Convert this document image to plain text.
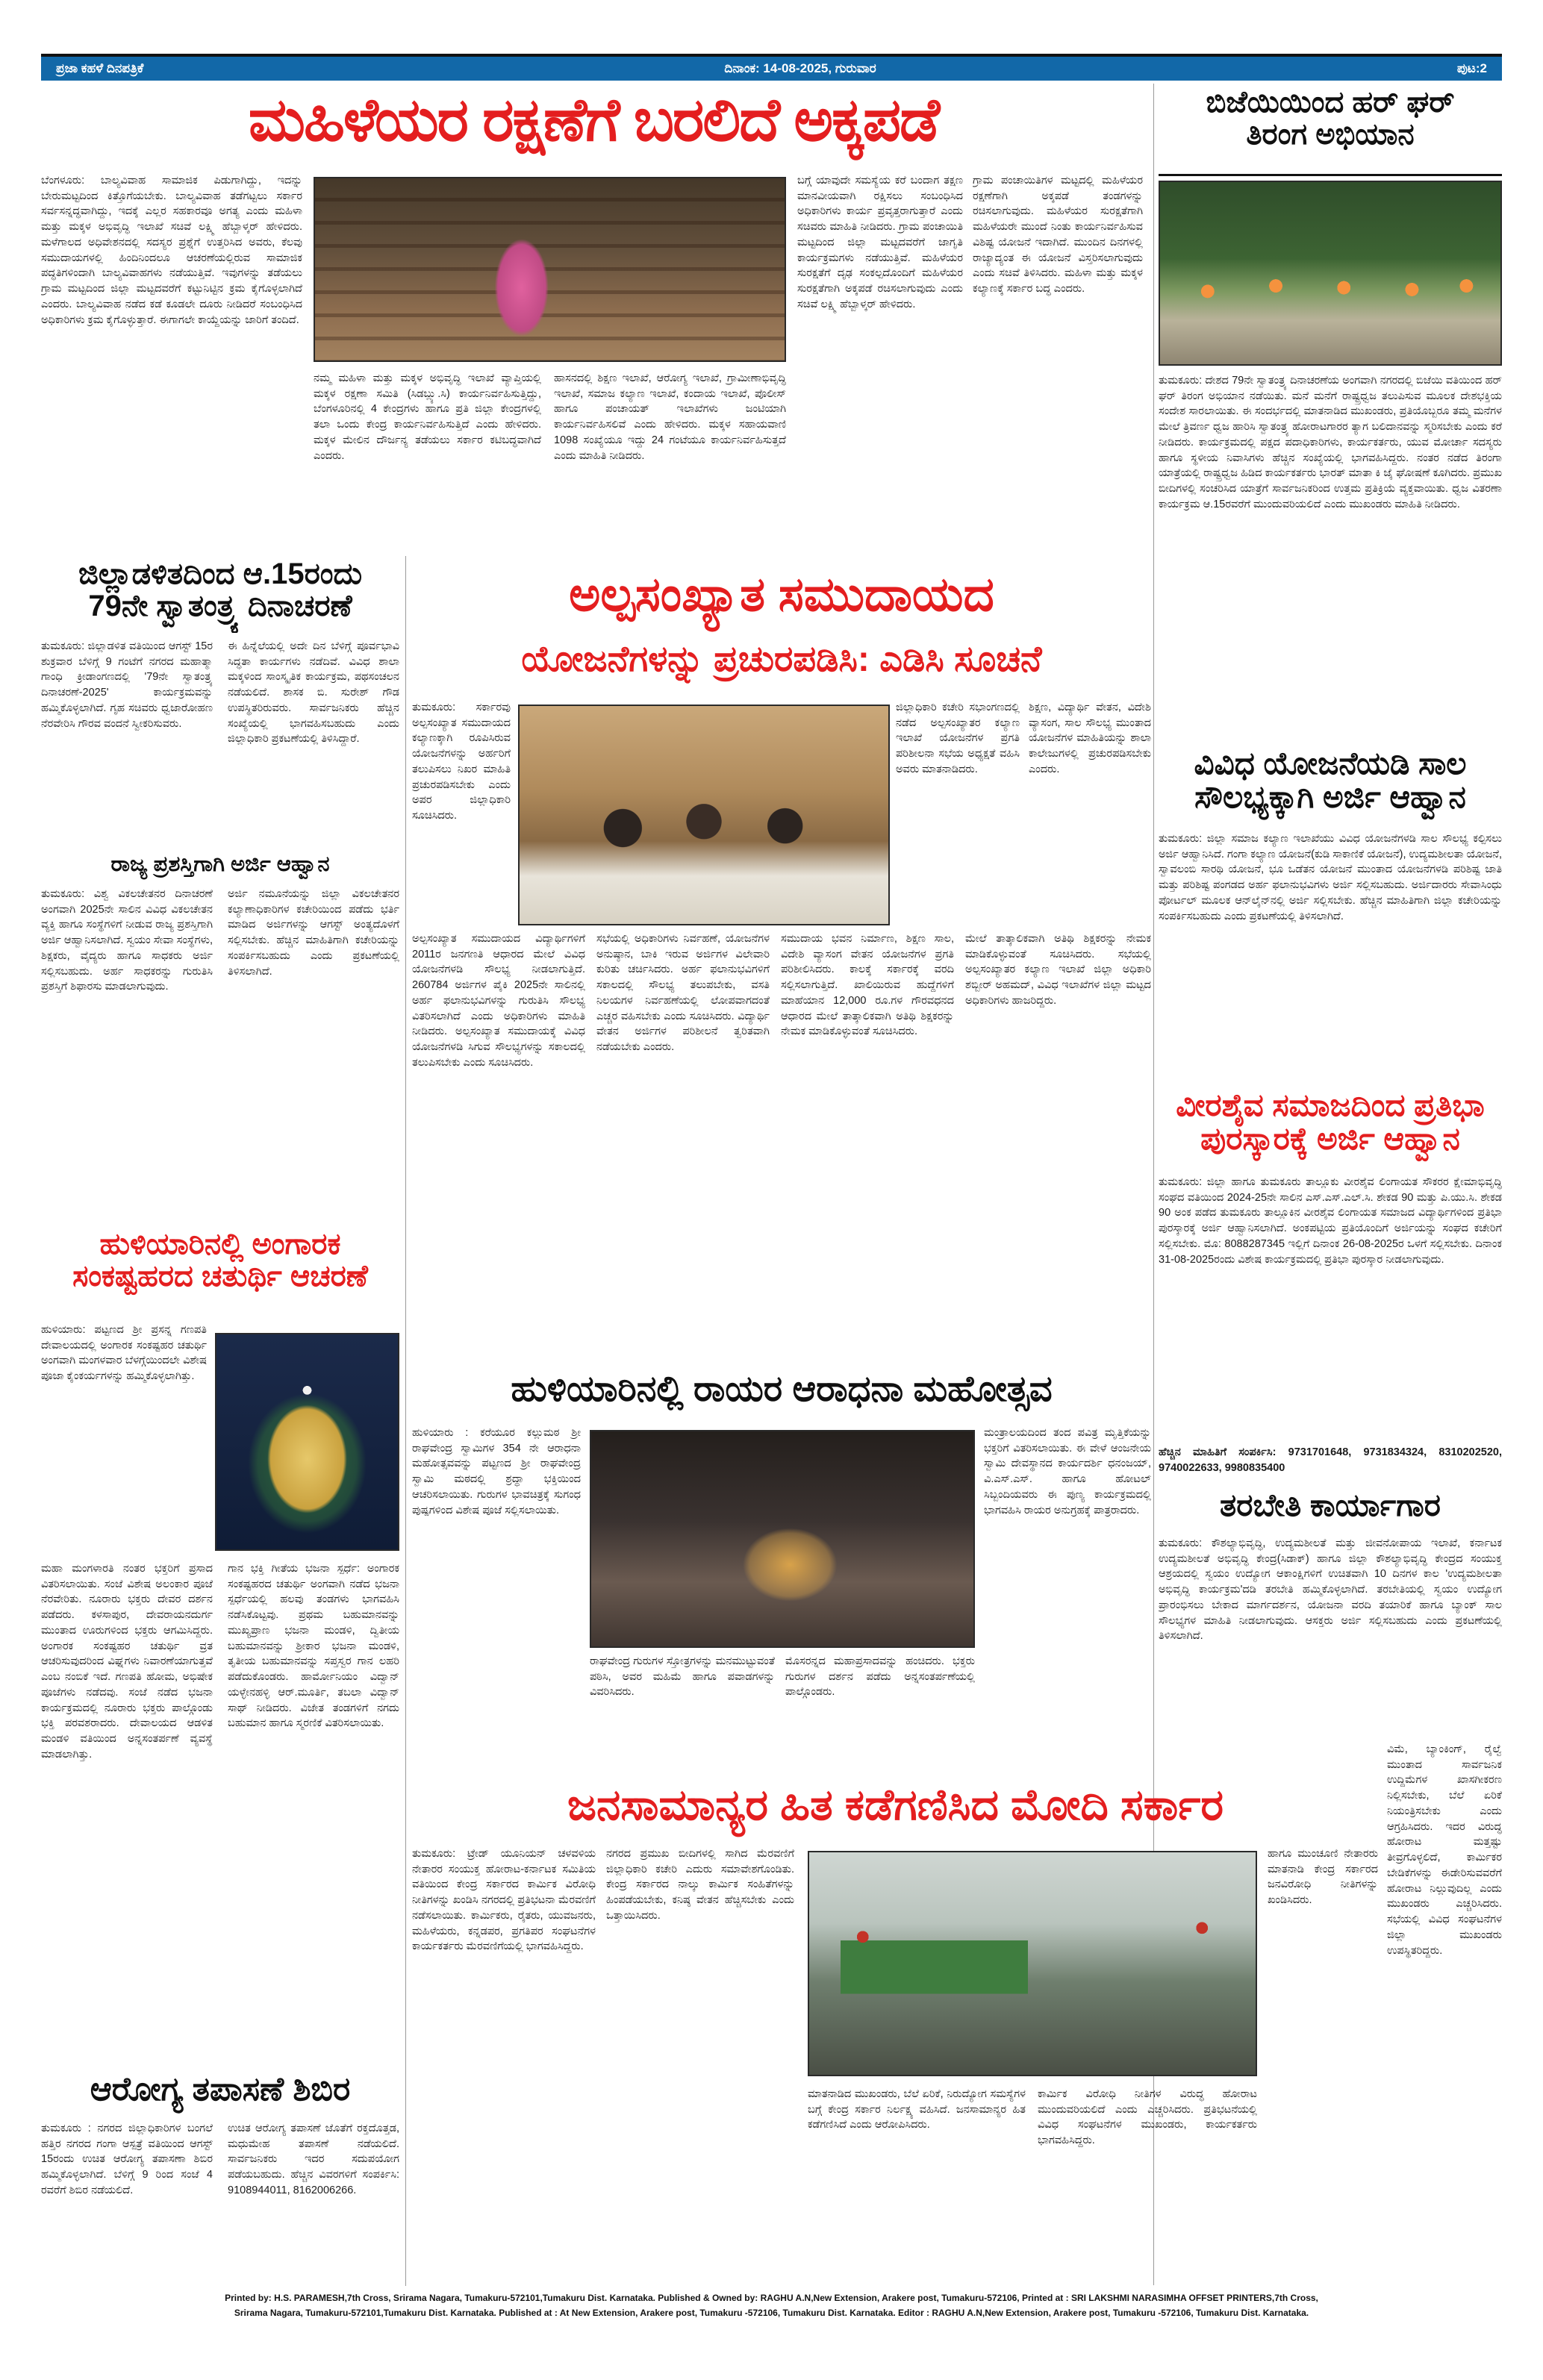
ಪ್ರಜಾ ಕಹಳೆ ದಿನಪತ್ರಿಕೆ	ದಿನಾಂಕ: 14-08-2025, ಗುರುವಾರ	ಪುಟ:2
ಮಹಿಳೆಯರ ರಕ್ಷಣೆಗೆ ಬರಲಿದೆ ಅಕ್ಕಪಡೆ
ಬೆಂಗಳೂರು: ಬಾಲ್ಯವಿವಾಹ ಸಾಮಾಜಿಕ ಪಿಡುಗಾಗಿದ್ದು, ಇದನ್ನು ಬೇರುಮಟ್ಟದಿಂದ ಕಿತ್ತೊಗೆಯಬೇಕು. ಬಾಲ್ಯವಿವಾಹ ತಡೆಗಟ್ಟಲು ಸರ್ಕಾರ ಸರ್ವಸನ್ನದ್ಧವಾಗಿದ್ದು, ಇದಕ್ಕೆ ಎಲ್ಲರ ಸಹಕಾರವೂ ಅಗತ್ಯ ಎಂದು ಮಹಿಳಾ ಮತ್ತು ಮಕ್ಕಳ ಅಭಿವೃದ್ಧಿ ಇಲಾಖೆ ಸಚಿವೆ ಲಕ್ಷ್ಮಿ ಹೆಬ್ಬಾಳ್ಕರ್ ಹೇಳಿದರು. ಮಳೆಗಾಲದ ಅಧಿವೇಶನದಲ್ಲಿ ಸದಸ್ಯರ ಪ್ರಶ್ನೆಗೆ ಉತ್ತರಿಸಿದ ಅವರು, ಕೆಲವು ಸಮುದಾಯಗಳಲ್ಲಿ ಹಿಂದಿನಿಂದಲೂ ಆಚರಣೆಯಲ್ಲಿರುವ ಸಾಮಾಜಿಕ ಪದ್ಧತಿಗಳಿಂದಾಗಿ ಬಾಲ್ಯವಿವಾಹಗಳು ನಡೆಯುತ್ತಿವೆ. ಇವುಗಳನ್ನು ತಡೆಯಲು ಗ್ರಾಮ ಮಟ್ಟದಿಂದ ಜಿಲ್ಲಾ ಮಟ್ಟದವರೆಗೆ ಕಟ್ಟುನಿಟ್ಟಿನ ಕ್ರಮ ಕೈಗೊಳ್ಳಲಾಗಿದೆ ಎಂದರು. ಬಾಲ್ಯವಿವಾಹ ನಡೆದ ಕಡೆ ಕೂಡಲೇ ದೂರು ನೀಡಿದರೆ ಸಂಬಂಧಿಸಿದ ಅಧಿಕಾರಿಗಳು ಕ್ರಮ ಕೈಗೊಳ್ಳುತ್ತಾರೆ. ಈಗಾಗಲೇ ಕಾಯ್ದೆಯನ್ನು ಜಾರಿಗೆ ತಂದಿದೆ.
ಬಗ್ಗೆ ಯಾವುದೇ ಸಮಸ್ಯೆಯ ಕರೆ ಬಂದಾಗ ತಕ್ಷಣ ಮಾನವೀಯವಾಗಿ ರಕ್ಷಿಸಲು ಸಂಬಂಧಿಸಿದ ಅಧಿಕಾರಿಗಳು ಕಾರ್ಯ ಪ್ರವೃತ್ತರಾಗುತ್ತಾರೆ ಎಂದು ಸಚಿವರು ಮಾಹಿತಿ ನೀಡಿದರು. ಗ್ರಾಮ ಪಂಚಾಯಿತಿ ಮಟ್ಟದಿಂದ ಜಿಲ್ಲಾ ಮಟ್ಟದವರೆಗೆ ಜಾಗೃತಿ ಕಾರ್ಯಕ್ರಮಗಳು ನಡೆಯುತ್ತಿವೆ. ಮಹಿಳೆಯರ ಸುರಕ್ಷತೆಗೆ ದೃಢ ಸಂಕಲ್ಪದೊಂದಿಗೆ ಮಹಿಳೆಯರ ಸುರಕ್ಷತೆಗಾಗಿ ಅಕ್ಕಪಡೆ ರಚಿಸಲಾಗುವುದು ಎಂದು ಸಚಿವೆ ಲಕ್ಷ್ಮಿ ಹೆಬ್ಬಾಳ್ಕರ್ ಹೇಳಿದರು.
ಗ್ರಾಮ ಪಂಚಾಯಿತಿಗಳ ಮಟ್ಟದಲ್ಲಿ ಮಹಿಳೆಯರ ರಕ್ಷಣೆಗಾಗಿ ಅಕ್ಕಪಡೆ ತಂಡಗಳನ್ನು ರಚಿಸಲಾಗುವುದು. ಮಹಿಳೆಯರ ಸುರಕ್ಷತೆಗಾಗಿ ಮಹಿಳೆಯರೇ ಮುಂದೆ ನಿಂತು ಕಾರ್ಯನಿರ್ವಹಿಸುವ ವಿಶಿಷ್ಟ ಯೋಜನೆ ಇದಾಗಿದೆ. ಮುಂದಿನ ದಿನಗಳಲ್ಲಿ ರಾಜ್ಯಾದ್ಯಂತ ಈ ಯೋಜನೆ ವಿಸ್ತರಿಸಲಾಗುವುದು ಎಂದು ಸಚಿವೆ ತಿಳಿಸಿದರು. ಮಹಿಳಾ ಮತ್ತು ಮಕ್ಕಳ ಕಲ್ಯಾಣಕ್ಕೆ ಸರ್ಕಾರ ಬದ್ಧ ಎಂದರು.
ನಮ್ಮ ಮಹಿಳಾ ಮತ್ತು ಮಕ್ಕಳ ಅಭಿವೃದ್ಧಿ ಇಲಾಖೆ ವ್ಯಾಪ್ತಿಯಲ್ಲಿ ಮಕ್ಕಳ ರಕ್ಷಣಾ ಸಮಿತಿ (ಸಿಡಬ್ಲ್ಯು.ಸಿ) ಕಾರ್ಯನಿರ್ವಹಿಸುತ್ತಿದ್ದು, ಬೆಂಗಳೂರಿನಲ್ಲಿ 4 ಕೇಂದ್ರಗಳು ಹಾಗೂ ಪ್ರತಿ ಜಿಲ್ಲಾ ಕೇಂದ್ರಗಳಲ್ಲಿ ತಲಾ ಒಂದು ಕೇಂದ್ರ ಕಾರ್ಯನಿರ್ವಹಿಸುತ್ತಿದೆ ಎಂದು ಹೇಳಿದರು. ಮಕ್ಕಳ ಮೇಲಿನ ದೌರ್ಜನ್ಯ ತಡೆಯಲು ಸರ್ಕಾರ ಕಟಿಬದ್ಧವಾಗಿದೆ ಎಂದರು.
ಹಾಸನದಲ್ಲಿ ಶಿಕ್ಷಣ ಇಲಾಖೆ, ಆರೋಗ್ಯ ಇಲಾಖೆ, ಗ್ರಾಮೀಣಾಭಿವೃದ್ಧಿ ಇಲಾಖೆ, ಸಮಾಜ ಕಲ್ಯಾಣ ಇಲಾಖೆ, ಕಂದಾಯ ಇಲಾಖೆ, ಪೊಲೀಸ್ ಹಾಗೂ ಪಂಚಾಯತ್ ಇಲಾಖೆಗಳು ಜಂಟಿಯಾಗಿ ಕಾರ್ಯನಿರ್ವಹಿಸಲಿವೆ ಎಂದು ಹೇಳಿದರು. ಮಕ್ಕಳ ಸಹಾಯವಾಣಿ 1098 ಸಂಖ್ಯೆಯೂ ಇದ್ದು 24 ಗಂಟೆಯೂ ಕಾರ್ಯನಿರ್ವಹಿಸುತ್ತದೆ ಎಂದು ಮಾಹಿತಿ ನೀಡಿದರು.
ಬಿಜೆಯಿಯಿಂದ ಹರ್ ಘರ್
ತಿರಂಗ ಅಭಿಯಾನ
ತುಮಕೂರು: ದೇಶದ 79ನೇ ಸ್ವಾತಂತ್ರ್ಯ ದಿನಾಚರಣೆಯ ಅಂಗವಾಗಿ ನಗರದಲ್ಲಿ ಬಿಜೆಯಿ ವತಿಯಿಂದ ಹರ್ ಘರ್ ತಿರಂಗ ಅಭಿಯಾನ ನಡೆಯಿತು. ಮನೆ ಮನೆಗೆ ರಾಷ್ಟ್ರಧ್ವಜ ತಲುಪಿಸುವ ಮೂಲಕ ದೇಶಭಕ್ತಿಯ ಸಂದೇಶ ಸಾರಲಾಯಿತು. ಈ ಸಂದರ್ಭದಲ್ಲಿ ಮಾತನಾಡಿದ ಮುಖಂಡರು, ಪ್ರತಿಯೊಬ್ಬರೂ ತಮ್ಮ ಮನೆಗಳ ಮೇಲೆ ತ್ರಿವರ್ಣ ಧ್ವಜ ಹಾರಿಸಿ ಸ್ವಾತಂತ್ರ್ಯ ಹೋರಾಟಗಾರರ ತ್ಯಾಗ ಬಲಿದಾನವನ್ನು ಸ್ಮರಿಸಬೇಕು ಎಂದು ಕರೆ ನೀಡಿದರು. ಕಾರ್ಯಕ್ರಮದಲ್ಲಿ ಪಕ್ಷದ ಪದಾಧಿಕಾರಿಗಳು, ಕಾರ್ಯಕರ್ತರು, ಯುವ ಮೋರ್ಚಾ ಸದಸ್ಯರು ಹಾಗೂ ಸ್ಥಳೀಯ ನಿವಾಸಿಗಳು ಹೆಚ್ಚಿನ ಸಂಖ್ಯೆಯಲ್ಲಿ ಭಾಗವಹಿಸಿದ್ದರು. ನಂತರ ನಡೆದ ತಿರಂಗಾ ಯಾತ್ರೆಯಲ್ಲಿ ರಾಷ್ಟ್ರಧ್ವಜ ಹಿಡಿದ ಕಾರ್ಯಕರ್ತರು ಭಾರತ್ ಮಾತಾ ಕಿ ಜೈ ಘೋಷಣೆ ಕೂಗಿದರು. ಪ್ರಮುಖ ಬೀದಿಗಳಲ್ಲಿ ಸಂಚರಿಸಿದ ಯಾತ್ರೆಗೆ ಸಾರ್ವಜನಿಕರಿಂದ ಉತ್ತಮ ಪ್ರತಿಕ್ರಿಯೆ ವ್ಯಕ್ತವಾಯಿತು. ಧ್ವಜ ವಿತರಣಾ ಕಾರ್ಯಕ್ರಮ ಆ.15ರವರೆಗೆ ಮುಂದುವರಿಯಲಿದೆ ಎಂದು ಮುಖಂಡರು ಮಾಹಿತಿ ನೀಡಿದರು.
ಜಿಲ್ಲಾಡಳಿತದಿಂದ ಆ.15ರಂದು
79ನೇ ಸ್ವಾತಂತ್ರ್ಯ ದಿನಾಚರಣೆ
ತುಮಕೂರು: ಜಿಲ್ಲಾಡಳಿತ ವತಿಯಿಂದ ಆಗಸ್ಟ್ 15ರ ಶುಕ್ರವಾರ ಬೆಳಿಗ್ಗೆ 9 ಗಂಟೆಗೆ ನಗರದ ಮಹಾತ್ಮಾ ಗಾಂಧಿ ಕ್ರೀಡಾಂಗಣದಲ್ಲಿ '79ನೇ ಸ್ವಾತಂತ್ರ್ಯ ದಿನಾಚರಣೆ-2025' ಕಾರ್ಯಕ್ರಮವನ್ನು ಹಮ್ಮಿಕೊಳ್ಳಲಾಗಿದೆ. ಗೃಹ ಸಚಿವರು ಧ್ವಜಾರೋಹಣ ನೆರವೇರಿಸಿ ಗೌರವ ವಂದನೆ ಸ್ವೀಕರಿಸುವರು.
ಈ ಹಿನ್ನೆಲೆಯಲ್ಲಿ ಅದೇ ದಿನ ಬೆಳಿಗ್ಗೆ ಪೂರ್ವಭಾವಿ ಸಿದ್ಧತಾ ಕಾರ್ಯಗಳು ನಡೆದಿವೆ. ವಿವಿಧ ಶಾಲಾ ಮಕ್ಕಳಿಂದ ಸಾಂಸ್ಕೃತಿಕ ಕಾರ್ಯಕ್ರಮ, ಪಥಸಂಚಲನ ನಡೆಯಲಿದೆ. ಶಾಸಕ ಬಿ. ಸುರೇಶ್ ಗೌಡ ಉಪಸ್ಥಿತರಿರುವರು. ಸಾರ್ವಜನಿಕರು ಹೆಚ್ಚಿನ ಸಂಖ್ಯೆಯಲ್ಲಿ ಭಾಗವಹಿಸಬಹುದು ಎಂದು ಜಿಲ್ಲಾಧಿಕಾರಿ ಪ್ರಕಟಣೆಯಲ್ಲಿ ತಿಳಿಸಿದ್ದಾರೆ.
ರಾಜ್ಯ ಪ್ರಶಸ್ತಿಗಾಗಿ ಅರ್ಜಿ ಆಹ್ವಾನ
ತುಮಕೂರು: ವಿಶ್ವ ವಿಕಲಚೇತನರ ದಿನಾಚರಣೆ ಅಂಗವಾಗಿ 2025ನೇ ಸಾಲಿನ ವಿವಿಧ ವಿಕಲಚೇತನ ವ್ಯಕ್ತಿ ಹಾಗೂ ಸಂಸ್ಥೆಗಳಿಗೆ ನೀಡುವ ರಾಜ್ಯ ಪ್ರಶಸ್ತಿಗಾಗಿ ಅರ್ಜಿ ಆಹ್ವಾನಿಸಲಾಗಿದೆ. ಸ್ವಯಂ ಸೇವಾ ಸಂಸ್ಥೆಗಳು, ಶಿಕ್ಷಕರು, ವೈದ್ಯರು ಹಾಗೂ ಸಾಧಕರು ಅರ್ಜಿ ಸಲ್ಲಿಸಬಹುದು. ಅರ್ಹ ಸಾಧಕರನ್ನು ಗುರುತಿಸಿ ಪ್ರಶಸ್ತಿಗೆ ಶಿಫಾರಸು ಮಾಡಲಾಗುವುದು.
ಅರ್ಜಿ ನಮೂನೆಯನ್ನು ಜಿಲ್ಲಾ ವಿಕಲಚೇತನರ ಕಲ್ಯಾಣಾಧಿಕಾರಿಗಳ ಕಚೇರಿಯಿಂದ ಪಡೆದು ಭರ್ತಿ ಮಾಡಿದ ಅರ್ಜಿಗಳನ್ನು ಆಗಸ್ಟ್ ಅಂತ್ಯದೊಳಗೆ ಸಲ್ಲಿಸಬೇಕು. ಹೆಚ್ಚಿನ ಮಾಹಿತಿಗಾಗಿ ಕಚೇರಿಯನ್ನು ಸಂಪರ್ಕಿಸಬಹುದು ಎಂದು ಪ್ರಕಟಣೆಯಲ್ಲಿ ತಿಳಿಸಲಾಗಿದೆ.
ಹುಳಿಯಾರಿನಲ್ಲಿ ಅಂಗಾರಕ
ಸಂಕಷ್ಟಹರದ ಚತುರ್ಥಿ ಆಚರಣೆ
ಹುಳಿಯಾರು: ಪಟ್ಟಣದ ಶ್ರೀ ಪ್ರಸನ್ನ ಗಣಪತಿ ದೇವಾಲಯದಲ್ಲಿ ಅಂಗಾರಕ ಸಂಕಷ್ಟಹರ ಚತುರ್ಥಿ ಅಂಗವಾಗಿ ಮಂಗಳವಾರ ಬೆಳಗ್ಗೆಯಿಂದಲೇ ವಿಶೇಷ ಪೂಜಾ ಕೈಂಕರ್ಯಗಳನ್ನು ಹಮ್ಮಿಕೊಳ್ಳಲಾಗಿತ್ತು.
ಮಹಾ ಮಂಗಳಾರತಿ ನಂತರ ಭಕ್ತರಿಗೆ ಪ್ರಸಾದ ವಿತರಿಸಲಾಯಿತು. ಸಂಜೆ ವಿಶೇಷ ಅಲಂಕಾರ ಪೂಜೆ ನೆರವೇರಿತು. ನೂರಾರು ಭಕ್ತರು ದೇವರ ದರ್ಶನ ಪಡೆದರು. ಕಳಸಾಪುರ, ದೇವರಾಯನದುರ್ಗ ಮುಂತಾದ ಊರುಗಳಿಂದ ಭಕ್ತರು ಆಗಮಿಸಿದ್ದರು. ಅಂಗಾರಕ ಸಂಕಷ್ಟಹರ ಚತುರ್ಥಿ ವ್ರತ ಆಚರಿಸುವುದರಿಂದ ವಿಘ್ನಗಳು ನಿವಾರಣೆಯಾಗುತ್ತವೆ ಎಂಬ ನಂಬಿಕೆ ಇದೆ. ಗಣಪತಿ ಹೋಮ, ಅಭಿಷೇಕ ಪೂಜೆಗಳು ನಡೆದವು. ಸಂಜೆ ನಡೆದ ಭಜನಾ ಕಾರ್ಯಕ್ರಮದಲ್ಲಿ ನೂರಾರು ಭಕ್ತರು ಪಾಲ್ಗೊಂಡು ಭಕ್ತಿ ಪರವಶರಾದರು. ದೇವಾಲಯದ ಆಡಳಿತ ಮಂಡಳಿ ವತಿಯಿಂದ ಅನ್ನಸಂತರ್ಪಣೆ ವ್ಯವಸ್ಥೆ ಮಾಡಲಾಗಿತ್ತು.
ಗಾನ ಭಕ್ತಿ ಗೀತೆಯ ಭಜನಾ ಸ್ಪರ್ಧೆ: ಅಂಗಾರಕ ಸಂಕಷ್ಟಹರದ ಚತುರ್ಥಿ ಅಂಗವಾಗಿ ನಡೆದ ಭಜನಾ ಸ್ಪರ್ಧೆಯಲ್ಲಿ ಹಲವು ತಂಡಗಳು ಭಾಗವಹಿಸಿ ನಡೆಸಿಕೊಟ್ಟವು. ಪ್ರಥಮ ಬಹುಮಾನವನ್ನು ಮುಖ್ಯಪ್ರಾಣ ಭಜನಾ ಮಂಡಳಿ, ದ್ವಿತೀಯ ಬಹುಮಾನವನ್ನು ಶ್ರೀಕಾರ ಭಜನಾ ಮಂಡಳಿ, ತೃತೀಯ ಬಹುಮಾನವನ್ನು ಸಪ್ತಸ್ವರ ಗಾನ ಲಹರಿ ಪಡೆದುಕೊಂಡರು. ಹಾರ್ಮೋನಿಯಂ ವಿದ್ವಾನ್ ಯಳ್ಳೇನಹಳ್ಳಿ ಆರ್.ಮೂರ್ತಿ, ತಬಲಾ ವಿದ್ವಾನ್ ಸಾಥ್ ನೀಡಿದರು. ವಿಜೇತ ತಂಡಗಳಿಗೆ ನಗದು ಬಹುಮಾನ ಹಾಗೂ ಸ್ಮರಣಿಕೆ ವಿತರಿಸಲಾಯಿತು.
ಆರೋಗ್ಯ ತಪಾಸಣೆ ಶಿಬಿರ
ತುಮಕೂರು : ನಗರದ ಜಿಲ್ಲಾಧಿಕಾರಿಗಳ ಬಂಗಲೆ ಹತ್ತಿರ ನಗರದ ಗಂಗಾ ಆಸ್ಪತ್ರೆ ವತಿಯಿಂದ ಆಗಸ್ಟ್ 15ರಂದು ಉಚಿತ ಆರೋಗ್ಯ ತಪಾಸಣಾ ಶಿಬಿರ ಹಮ್ಮಿಕೊಳ್ಳಲಾಗಿದೆ. ಬೆಳಿಗ್ಗೆ 9 ರಿಂದ ಸಂಜೆ 4 ರವರೆಗೆ ಶಿಬಿರ ನಡೆಯಲಿದೆ.
ಉಚಿತ ಆರೋಗ್ಯ ತಪಾಸಣೆ ಜೊತೆಗೆ ರಕ್ತದೊತ್ತಡ, ಮಧುಮೇಹ ತಪಾಸಣೆ ನಡೆಯಲಿದೆ. ಸಾರ್ವಜನಿಕರು ಇದರ ಸದುಪಯೋಗ ಪಡೆಯಬಹುದು. ಹೆಚ್ಚಿನ ವಿವರಗಳಿಗೆ ಸಂಪರ್ಕಿಸಿ: 9108944011, 8162006266.
ಅಲ್ಪಸಂಖ್ಯಾತ ಸಮುದಾಯದ
ಯೋಜನೆಗಳನ್ನು ಪ್ರಚುರಪಡಿಸಿ: ಎಡಿಸಿ ಸೂಚನೆ
ತುಮಕೂರು: ಸರ್ಕಾರವು ಅಲ್ಪಸಂಖ್ಯಾತ ಸಮುದಾಯದ ಕಲ್ಯಾಣಕ್ಕಾಗಿ ರೂಪಿಸಿರುವ ಯೋಜನೆಗಳನ್ನು ಅರ್ಹರಿಗೆ ತಲುಪಿಸಲು ನಿಖರ ಮಾಹಿತಿ ಪ್ರಚುರಪಡಿಸಬೇಕು ಎಂದು ಅಪರ ಜಿಲ್ಲಾಧಿಕಾರಿ ಸೂಚಿಸಿದರು.
ಜಿಲ್ಲಾಧಿಕಾರಿ ಕಚೇರಿ ಸಭಾಂಗಣದಲ್ಲಿ ನಡೆದ ಅಲ್ಪಸಂಖ್ಯಾತರ ಕಲ್ಯಾಣ ಇಲಾಖೆ ಯೋಜನೆಗಳ ಪ್ರಗತಿ ಪರಿಶೀಲನಾ ಸಭೆಯ ಅಧ್ಯಕ್ಷತೆ ವಹಿಸಿ ಅವರು ಮಾತನಾಡಿದರು.
ಶಿಕ್ಷಣ, ವಿದ್ಯಾರ್ಥಿ ವೇತನ, ವಿದೇಶಿ ವ್ಯಾಸಂಗ, ಸಾಲ ಸೌಲಭ್ಯ ಮುಂತಾದ ಯೋಜನೆಗಳ ಮಾಹಿತಿಯನ್ನು ಶಾಲಾ ಕಾಲೇಜುಗಳಲ್ಲಿ ಪ್ರಚುರಪಡಿಸಬೇಕು ಎಂದರು.
ಅಲ್ಪಸಂಖ್ಯಾತ ಸಮುದಾಯದ ವಿದ್ಯಾರ್ಥಿಗಳಿಗೆ 2011ರ ಜನಗಣತಿ ಆಧಾರದ ಮೇಲೆ ವಿವಿಧ ಯೋಜನೆಗಳಡಿ ಸೌಲಭ್ಯ ನೀಡಲಾಗುತ್ತಿದೆ. 260784 ಅರ್ಜಿಗಳ ಪೈಕಿ 2025ನೇ ಸಾಲಿನಲ್ಲಿ ಅರ್ಹ ಫಲಾನುಭವಿಗಳನ್ನು ಗುರುತಿಸಿ ಸೌಲಭ್ಯ ವಿತರಿಸಲಾಗಿದೆ ಎಂದು ಅಧಿಕಾರಿಗಳು ಮಾಹಿತಿ ನೀಡಿದರು. ಅಲ್ಪಸಂಖ್ಯಾತ ಸಮುದಾಯಕ್ಕೆ ವಿವಿಧ ಯೋಜನೆಗಳಡಿ ಸಿಗುವ ಸೌಲಭ್ಯಗಳನ್ನು ಸಕಾಲದಲ್ಲಿ ತಲುಪಿಸಬೇಕು ಎಂದು ಸೂಚಿಸಿದರು.
ಸಭೆಯಲ್ಲಿ ಅಧಿಕಾರಿಗಳು ನಿರ್ವಹಣೆ, ಯೋಜನೆಗಳ ಅನುಷ್ಠಾನ, ಬಾಕಿ ಇರುವ ಅರ್ಜಿಗಳ ವಿಲೇವಾರಿ ಕುರಿತು ಚರ್ಚಿಸಿದರು. ಅರ್ಹ ಫಲಾನುಭವಿಗಳಿಗೆ ಸಕಾಲದಲ್ಲಿ ಸೌಲಭ್ಯ ತಲುಪಬೇಕು, ವಸತಿ ನಿಲಯಗಳ ನಿರ್ವಹಣೆಯಲ್ಲಿ ಲೋಪವಾಗದಂತೆ ಎಚ್ಚರ ವಹಿಸಬೇಕು ಎಂದು ಸೂಚಿಸಿದರು. ವಿದ್ಯಾರ್ಥಿ ವೇತನ ಅರ್ಜಿಗಳ ಪರಿಶೀಲನೆ ತ್ವರಿತವಾಗಿ ನಡೆಯಬೇಕು ಎಂದರು.
ಸಮುದಾಯ ಭವನ ನಿರ್ಮಾಣ, ಶಿಕ್ಷಣ ಸಾಲ, ವಿದೇಶಿ ವ್ಯಾಸಂಗ ವೇತನ ಯೋಜನೆಗಳ ಪ್ರಗತಿ ಪರಿಶೀಲಿಸಿದರು. ಕಾಲಕ್ಕೆ ಸರ್ಕಾರಕ್ಕೆ ವರದಿ ಸಲ್ಲಿಸಲಾಗುತ್ತಿದೆ. ಖಾಲಿಯಿರುವ ಹುದ್ದೆಗಳಿಗೆ ಮಾಹೆಯಾನ 12,000 ರೂ.ಗಳ ಗೌರವಧನದ ಆಧಾರದ ಮೇಲೆ ತಾತ್ಕಾಲಿಕವಾಗಿ ಅತಿಥಿ ಶಿಕ್ಷಕರನ್ನು ನೇಮಕ ಮಾಡಿಕೊಳ್ಳುವಂತೆ ಸೂಚಿಸಿದರು.
ಮೇಲೆ ತಾತ್ಕಾಲಿಕವಾಗಿ ಅತಿಥಿ ಶಿಕ್ಷಕರನ್ನು ನೇಮಕ ಮಾಡಿಕೊಳ್ಳುವಂತೆ ಸೂಚಿಸಿದರು. ಸಭೆಯಲ್ಲಿ ಅಲ್ಪಸಂಖ್ಯಾತರ ಕಲ್ಯಾಣ ಇಲಾಖೆ ಜಿಲ್ಲಾ ಅಧಿಕಾರಿ ಶಬ್ಬೀರ್ ಅಹಮದ್, ವಿವಿಧ ಇಲಾಖೆಗಳ ಜಿಲ್ಲಾ ಮಟ್ಟದ ಅಧಿಕಾರಿಗಳು ಹಾಜರಿದ್ದರು.
ಹುಳಿಯಾರಿನಲ್ಲಿ ರಾಯರ ಆರಾಧನಾ ಮಹೋತ್ಸವ
ಹುಳಿಯಾರು : ಕರೆಯೂರ ಕಲ್ಲುಮಠ ಶ್ರೀ ರಾಘವೇಂದ್ರ ಸ್ವಾಮಿಗಳ 354 ನೇ ಆರಾಧನಾ ಮಹೋತ್ಸವವನ್ನು ಪಟ್ಟಣದ ಶ್ರೀ ರಾಘವೇಂದ್ರ ಸ್ವಾಮಿ ಮಠದಲ್ಲಿ ಶ್ರದ್ಧಾ ಭಕ್ತಿಯಿಂದ ಆಚರಿಸಲಾಯಿತು. ಗುರುಗಳ ಭಾವಚಿತ್ರಕ್ಕೆ ಸುಗಂಧ ಪುಷ್ಪಗಳಿಂದ ವಿಶೇಷ ಪೂಜೆ ಸಲ್ಲಿಸಲಾಯಿತು.
ಮಂತ್ರಾಲಯದಿಂದ ತಂದ ಪವಿತ್ರ ಮೃತ್ತಿಕೆಯನ್ನು ಭಕ್ತರಿಗೆ ವಿತರಿಸಲಾಯಿತು. ಈ ವೇಳೆ ಆಂಜನೇಯ ಸ್ವಾಮಿ ದೇವಸ್ಥಾನದ ಕಾರ್ಯದರ್ಶಿ ಧನಂಜಯ್, ವಿ.ಎಸ್.ಎಸ್. ಹಾಗೂ ಹೋಟಲ್ ಸಿಬ್ಬಂದಿಯವರು ಈ ಪುಣ್ಯ ಕಾರ್ಯಕ್ರಮದಲ್ಲಿ ಭಾಗವಹಿಸಿ ರಾಯರ ಅನುಗ್ರಹಕ್ಕೆ ಪಾತ್ರರಾದರು.
ರಾಘವೇಂದ್ರ ಗುರುಗಳ ಸ್ತೋತ್ರಗಳನ್ನು ಮನಮುಟ್ಟುವಂತೆ ಪಠಿಸಿ, ಅವರ ಮಹಿಮೆ ಹಾಗೂ ಪವಾಡಗಳನ್ನು ವಿವರಿಸಿದರು.
ಮೊಸರನ್ನದ ಮಹಾಪ್ರಸಾದವನ್ನು ಹಂಚಿದರು. ಭಕ್ತರು ಗುರುಗಳ ದರ್ಶನ ಪಡೆದು ಅನ್ನಸಂತರ್ಪಣೆಯಲ್ಲಿ ಪಾಲ್ಗೊಂಡರು.
ವಿವಿಧ ಯೋಜನೆಯಡಿ ಸಾಲ
ಸೌಲಭ್ಯಕ್ಕಾಗಿ ಅರ್ಜಿ ಆಹ್ವಾನ
ತುಮಕೂರು: ಜಿಲ್ಲಾ ಸಮಾಜ ಕಲ್ಯಾಣ ಇಲಾಖೆಯು ವಿವಿಧ ಯೋಜನೆಗಳಡಿ ಸಾಲ ಸೌಲಭ್ಯ ಕಲ್ಪಿಸಲು ಅರ್ಜಿ ಆಹ್ವಾನಿಸಿದೆ. ಗಂಗಾ ಕಲ್ಯಾಣ ಯೋಜನೆ(ಕುಡಿ ಸಾಕಾಣಿಕೆ ಯೋಜನೆ), ಉದ್ಯಮಶೀಲತಾ ಯೋಜನೆ, ಸ್ವಾವಲಂಬಿ ಸಾರಥಿ ಯೋಜನೆ, ಭೂ ಒಡೆತನ ಯೋಜನೆ ಮುಂತಾದ ಯೋಜನೆಗಳಡಿ ಪರಿಶಿಷ್ಟ ಜಾತಿ ಮತ್ತು ಪರಿಶಿಷ್ಟ ಪಂಗಡದ ಅರ್ಹ ಫಲಾನುಭವಿಗಳು ಅರ್ಜಿ ಸಲ್ಲಿಸಬಹುದು. ಅರ್ಜಿದಾರರು ಸೇವಾಸಿಂಧು ಪೋರ್ಟಲ್ ಮೂಲಕ ಆನ್‌ಲೈನ್‌ನಲ್ಲಿ ಅರ್ಜಿ ಸಲ್ಲಿಸಬೇಕು. ಹೆಚ್ಚಿನ ಮಾಹಿತಿಗಾಗಿ ಜಿಲ್ಲಾ ಕಚೇರಿಯನ್ನು ಸಂಪರ್ಕಿಸಬಹುದು ಎಂದು ಪ್ರಕಟಣೆಯಲ್ಲಿ ತಿಳಿಸಲಾಗಿದೆ.
ವೀರಶೈವ ಸಮಾಜದಿಂದ ಪ್ರತಿಭಾ
ಪುರಸ್ಕಾರಕ್ಕೆ ಅರ್ಜಿ ಆಹ್ವಾನ
ತುಮಕೂರು: ಜಿಲ್ಲಾ ಹಾಗೂ ತುಮಕೂರು ತಾಲ್ಲೂಕು ವೀರಶೈವ ಲಿಂಗಾಯತ ಸೌಕರರ ಕ್ಷೇಮಾಭಿವೃದ್ಧಿ ಸಂಘದ ವತಿಯಿಂದ 2024-25ನೇ ಸಾಲಿನ ಎಸ್.ಎಸ್.ಎಲ್.ಸಿ. ಶೇಕಡ 90 ಮತ್ತು ಪಿ.ಯು.ಸಿ. ಶೇಕಡ 90 ಅಂಕ ಪಡೆದ ತುಮಕೂರು ತಾಲ್ಲೂಕಿನ ವೀರಶೈವ ಲಿಂಗಾಯತ ಸಮಾಜದ ವಿದ್ಯಾರ್ಥಿಗಳಿಂದ ಪ್ರತಿಭಾ ಪುರಸ್ಕಾರಕ್ಕೆ ಅರ್ಜಿ ಆಹ್ವಾನಿಸಲಾಗಿದೆ. ಅಂಕಪಟ್ಟಿಯ ಪ್ರತಿಯೊಂದಿಗೆ ಅರ್ಜಿಯನ್ನು ಸಂಘದ ಕಚೇರಿಗೆ ಸಲ್ಲಿಸಬೇಕು. ಮೊ: 8088287345 ಇಲ್ಲಿಗೆ ದಿನಾಂಕ 26-08-2025ರ ಒಳಗೆ ಸಲ್ಲಿಸಬೇಕು. ದಿನಾಂಕ 31-08-2025ರಂದು ವಿಶೇಷ ಕಾರ್ಯಕ್ರಮದಲ್ಲಿ ಪ್ರತಿಭಾ ಪುರಸ್ಕಾರ ನೀಡಲಾಗುವುದು.
ಹೆಚ್ಚಿನ ಮಾಹಿತಿಗೆ ಸಂಪರ್ಕಿಸಿ: 9731701648, 9731834324, 8310202520, 9740022633, 9980835400
ತರಬೇತಿ ಕಾರ್ಯಾಗಾರ
ತುಮಕೂರು: ಕೌಶಲ್ಯಾಭಿವೃದ್ಧಿ, ಉದ್ಯಮಶೀಲತೆ ಮತ್ತು ಜೀವನೋಪಾಯ ಇಲಾಖೆ, ಕರ್ನಾಟಕ ಉದ್ಯಮಶೀಲತೆ ಅಭಿವೃದ್ಧಿ ಕೇಂದ್ರ(ಸಿಡಾಕ್) ಹಾಗೂ ಜಿಲ್ಲಾ ಕೌಶಲ್ಯಾಭಿವೃದ್ಧಿ ಕೇಂದ್ರದ ಸಂಯುಕ್ತ ಆಶ್ರಯದಲ್ಲಿ ಸ್ವಯಂ ಉದ್ಯೋಗ ಆಕಾಂಕ್ಷಿಗಳಿಗೆ ಉಚಿತವಾಗಿ 10 ದಿನಗಳ ಕಾಲ 'ಉದ್ಯಮಶೀಲತಾ ಅಭಿವೃದ್ಧಿ ಕಾರ್ಯಕ್ರಮ'ದಡಿ ತರಬೇತಿ ಹಮ್ಮಿಕೊಳ್ಳಲಾಗಿದೆ. ತರಬೇತಿಯಲ್ಲಿ ಸ್ವಯಂ ಉದ್ಯೋಗ ಪ್ರಾರಂಭಿಸಲು ಬೇಕಾದ ಮಾರ್ಗದರ್ಶನ, ಯೋಜನಾ ವರದಿ ತಯಾರಿಕೆ ಹಾಗೂ ಬ್ಯಾಂಕ್ ಸಾಲ ಸೌಲಭ್ಯಗಳ ಮಾಹಿತಿ ನೀಡಲಾಗುವುದು. ಆಸಕ್ತರು ಅರ್ಜಿ ಸಲ್ಲಿಸಬಹುದು ಎಂದು ಪ್ರಕಟಣೆಯಲ್ಲಿ ತಿಳಿಸಲಾಗಿದೆ.
ಜನಸಾಮಾನ್ಯರ ಹಿತ ಕಡೆಗಣಿಸಿದ ಮೋದಿ ಸರ್ಕಾರ
ತುಮಕೂರು: ಟ್ರೇಡ್ ಯೂನಿಯನ್ ಚಳವಳಿಯ ನೇತಾರರ ಸಂಯುಕ್ತ ಹೋರಾಟ-ಕರ್ನಾಟಕ ಸಮಿತಿಯ ವತಿಯಿಂದ ಕೇಂದ್ರ ಸರ್ಕಾರದ ಕಾರ್ಮಿಕ ವಿರೋಧಿ ನೀತಿಗಳನ್ನು ಖಂಡಿಸಿ ನಗರದಲ್ಲಿ ಪ್ರತಿಭಟನಾ ಮೆರವಣಿಗೆ ನಡೆಸಲಾಯಿತು. ಕಾರ್ಮಿಕರು, ರೈತರು, ಯುವಜನರು, ಮಹಿಳೆಯರು, ಕನ್ನಡಪರ, ಪ್ರಗತಿಪರ ಸಂಘಟನೆಗಳ ಕಾರ್ಯಕರ್ತರು ಮೆರವಣಿಗೆಯಲ್ಲಿ ಭಾಗವಹಿಸಿದ್ದರು.
ನಗರದ ಪ್ರಮುಖ ಬೀದಿಗಳಲ್ಲಿ ಸಾಗಿದ ಮೆರವಣಿಗೆ ಜಿಲ್ಲಾಧಿಕಾರಿ ಕಚೇರಿ ಎದುರು ಸಮಾವೇಶಗೊಂಡಿತು. ಕೇಂದ್ರ ಸರ್ಕಾರದ ನಾಲ್ಕು ಕಾರ್ಮಿಕ ಸಂಹಿತೆಗಳನ್ನು ಹಿಂಪಡೆಯಬೇಕು, ಕನಿಷ್ಠ ವೇತನ ಹೆಚ್ಚಿಸಬೇಕು ಎಂದು ಒತ್ತಾಯಿಸಿದರು.
ಹಾಗೂ ಮುಂಚೂಣಿ ನೇತಾರರು ಮಾತನಾಡಿ ಕೇಂದ್ರ ಸರ್ಕಾರದ ಜನವಿರೋಧಿ ನೀತಿಗಳನ್ನು ಖಂಡಿಸಿದರು.
ಮಾತನಾಡಿದ ಮುಖಂಡರು, ಬೆಲೆ ಏರಿಕೆ, ನಿರುದ್ಯೋಗ ಸಮಸ್ಯೆಗಳ ಬಗ್ಗೆ ಕೇಂದ್ರ ಸರ್ಕಾರ ನಿರ್ಲಕ್ಷ್ಯ ವಹಿಸಿದೆ. ಜನಸಾಮಾನ್ಯರ ಹಿತ ಕಡೆಗಣಿಸಿದೆ ಎಂದು ಆರೋಪಿಸಿದರು.
ಕಾರ್ಮಿಕ ವಿರೋಧಿ ನೀತಿಗಳ ವಿರುದ್ಧ ಹೋರಾಟ ಮುಂದುವರಿಯಲಿದೆ ಎಂದು ಎಚ್ಚರಿಸಿದರು. ಪ್ರತಿಭಟನೆಯಲ್ಲಿ ವಿವಿಧ ಸಂಘಟನೆಗಳ ಮುಖಂಡರು, ಕಾರ್ಯಕರ್ತರು ಭಾಗವಹಿಸಿದ್ದರು.
ವಿಮೆ, ಬ್ಯಾಂಕಿಂಗ್, ರೈಲ್ವೆ ಮುಂತಾದ ಸಾರ್ವಜನಿಕ ಉದ್ದಿಮೆಗಳ ಖಾಸಗೀಕರಣ ನಿಲ್ಲಿಸಬೇಕು, ಬೆಲೆ ಏರಿಕೆ ನಿಯಂತ್ರಿಸಬೇಕು ಎಂದು ಆಗ್ರಹಿಸಿದರು. ಇದರ ವಿರುದ್ಧ ಹೋರಾಟ ಮತ್ತಷ್ಟು ತೀವ್ರಗೊಳ್ಳಲಿದೆ, ಕಾರ್ಮಿಕರ ಬೇಡಿಕೆಗಳನ್ನು ಈಡೇರಿಸುವವರೆಗೆ ಹೋರಾಟ ನಿಲ್ಲುವುದಿಲ್ಲ ಎಂದು ಮುಖಂಡರು ಎಚ್ಚರಿಸಿದರು. ಸಭೆಯಲ್ಲಿ ವಿವಿಧ ಸಂಘಟನೆಗಳ ಜಿಲ್ಲಾ ಮುಖಂಡರು ಉಪಸ್ಥಿತರಿದ್ದರು.
Printed by: H.S. PARAMESH,7th Cross, Srirama Nagara, Tumakuru-572101,Tumakuru Dist. Karnataka. Published & Owned by: RAGHU A.N,New Extension, Arakere post, Tumakuru-572106, Printed at : SRI LAKSHMI NARASIMHA OFFSET PRINTERS,7th Cross,
Srirama Nagara, Tumakuru-572101,Tumakuru Dist. Karnataka. Published at : At New Extension, Arakere post, Tumakuru -572106, Tumakuru Dist. Karnataka. Editor : RAGHU A.N,New Extension, Arakere post, Tumakuru -572106, Tumakuru Dist. Karnataka.
